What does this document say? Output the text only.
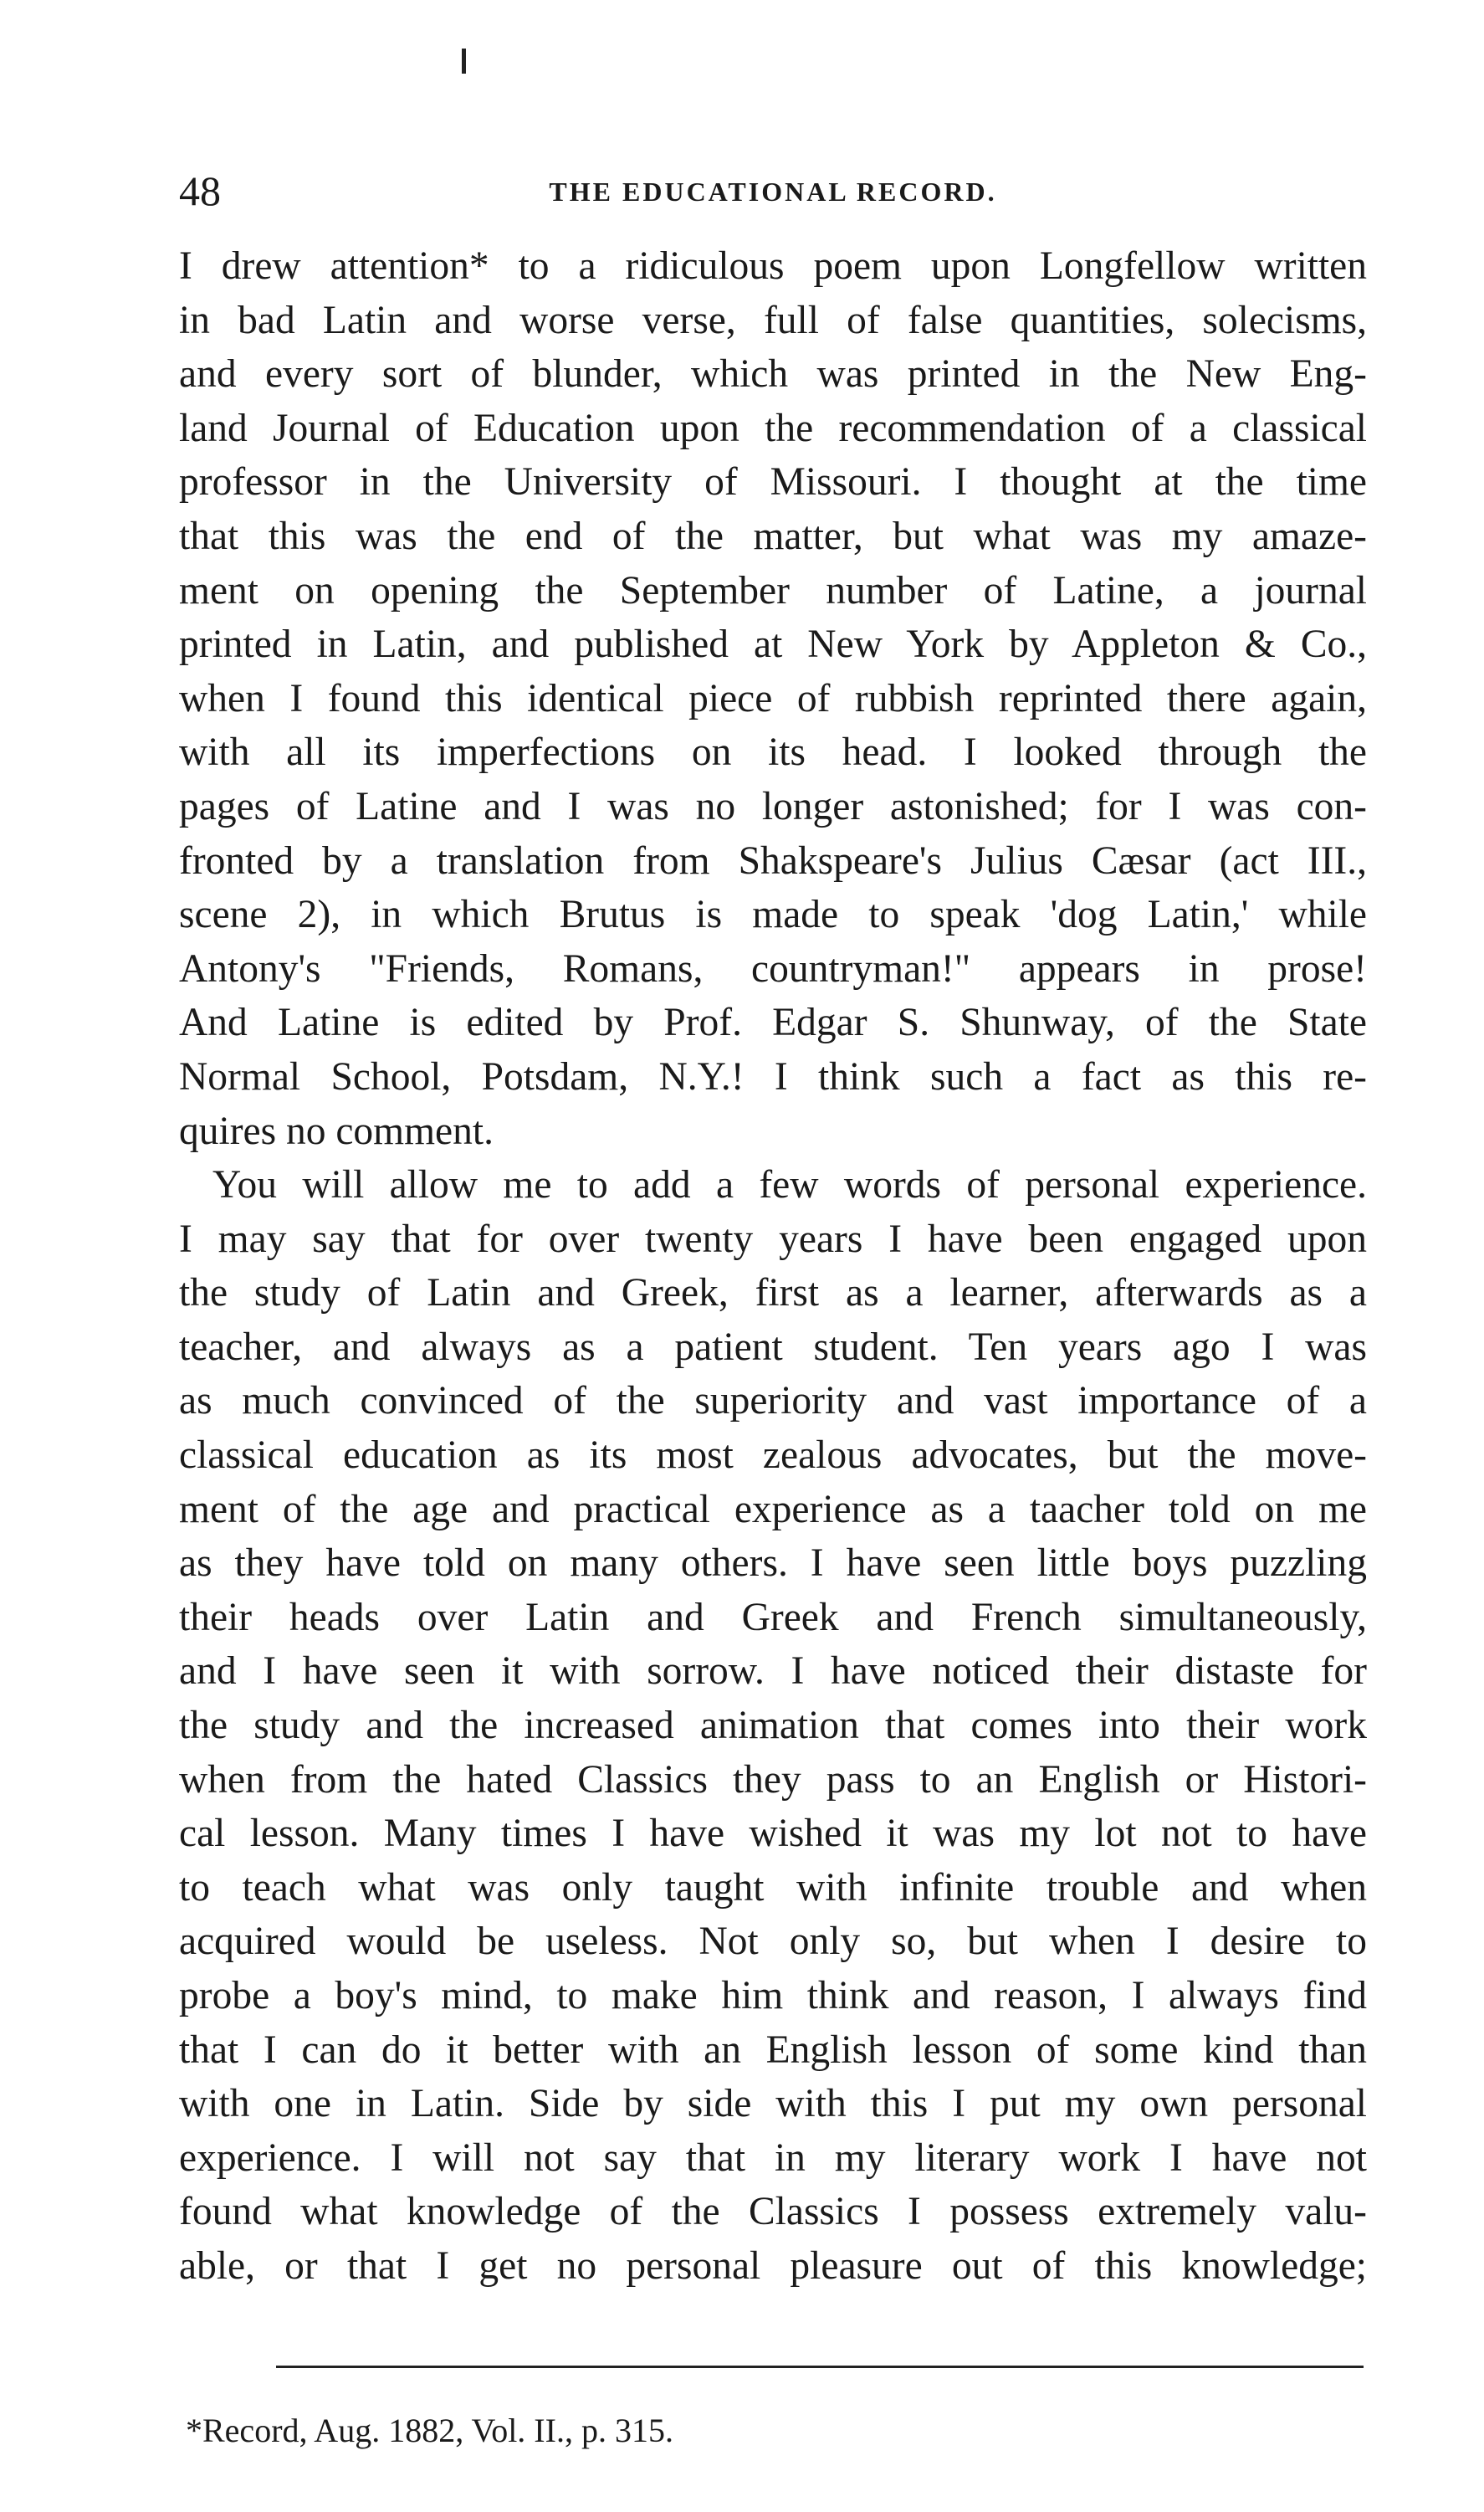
48	THE EDUCATIONAL RECORD.
I drew attention* to a ridiculous poem upon Longfellow written
in bad Latin and worse verse, full of false quantities, solecisms,
and every sort of blunder, which was printed in the New Eng-
land Journal of Education upon the recommendation of a classical
professor in the University of Missouri. I thought at the time
that this was the end of the matter, but what was my amaze-
ment on opening the September number of Latine, a journal
printed in Latin, and published at New York by Appleton & Co.,
when I found this identical piece of rubbish reprinted there again,
with all its imperfections on its head. I looked through the
pages of Latine and I was no longer astonished; for I was con-
fronted by a translation from Shakspeare's Julius Cæsar (act III.,
scene 2), in which Brutus is made to speak 'dog Latin,' while
Antony's "Friends, Romans, countryman!" appears in prose!
And Latine is edited by Prof. Edgar S. Shunway, of the State
Normal School, Potsdam, N.Y.! I think such a fact as this re-
quires no comment.
You will allow me to add a few words of personal experience.
I may say that for over twenty years I have been engaged upon
the study of Latin and Greek, first as a learner, afterwards as a
teacher, and always as a patient student. Ten years ago I was
as much convinced of the superiority and vast importance of a
classical education as its most zealous advocates, but the move-
ment of the age and practical experience as a taacher told on me
as they have told on many others. I have seen little boys puzzling
their heads over Latin and Greek and French simultaneously,
and I have seen it with sorrow. I have noticed their distaste for
the study and the increased animation that comes into their work
when from the hated Classics they pass to an English or Histori-
cal lesson. Many times I have wished it was my lot not to have
to teach what was only taught with infinite trouble and when
acquired would be useless. Not only so, but when I desire to
probe a boy's mind, to make him think and reason, I always find
that I can do it better with an English lesson of some kind than
with one in Latin. Side by side with this I put my own personal
experience. I will not say that in my literary work I have not
found what knowledge of the Classics I possess extremely valu-
able, or that I get no personal pleasure out of this knowledge;
*Record, Aug. 1882, Vol. II., p. 315.
